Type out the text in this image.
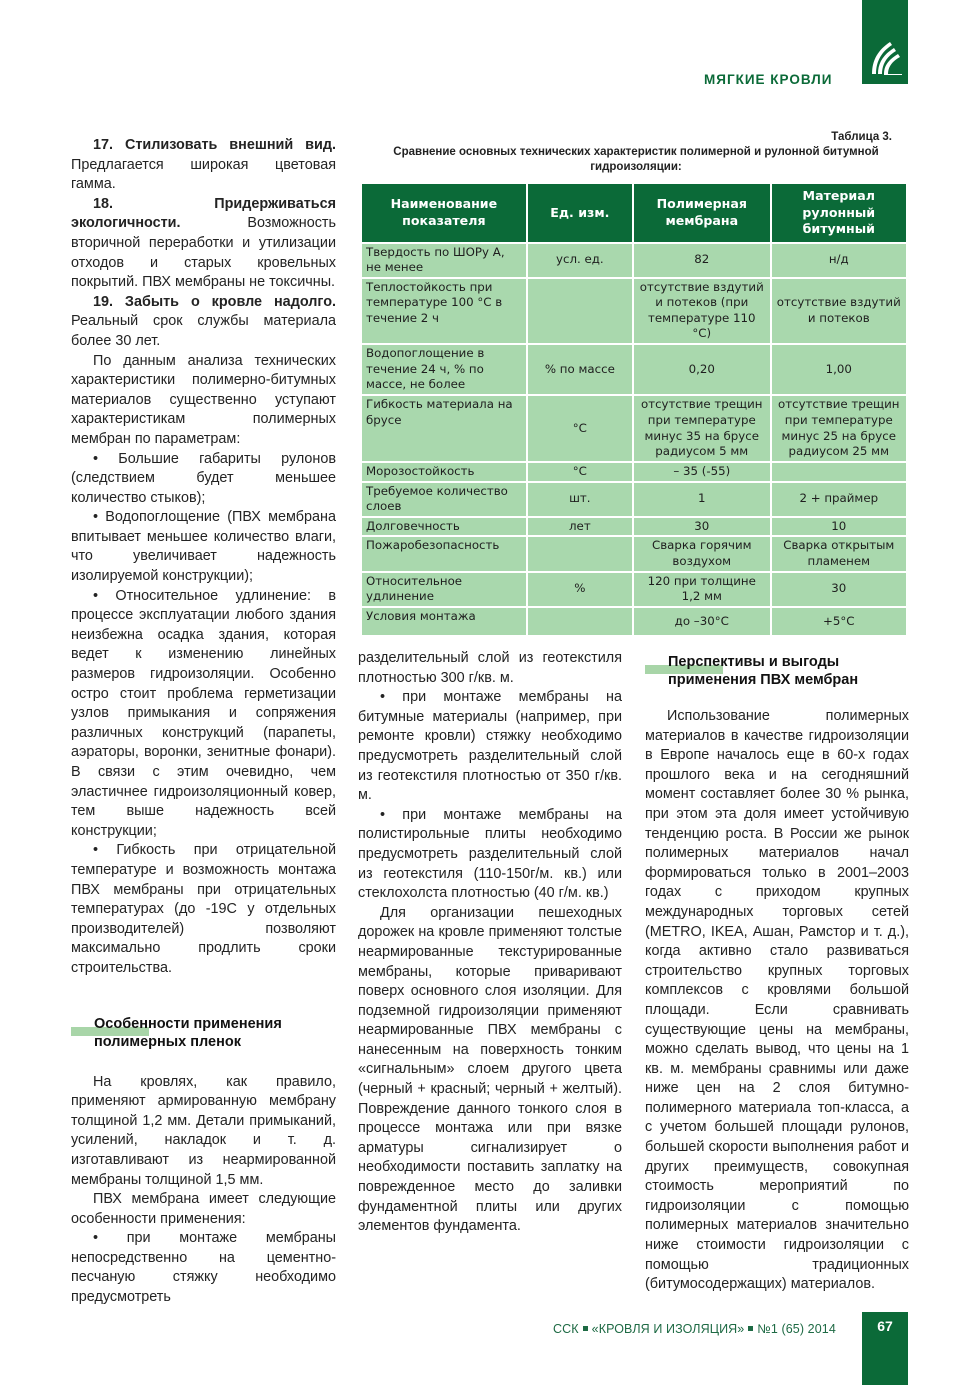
МЯГКИЕ КРОВЛИ

17. Стилизовать внешний вид. Предлагается широкая цветовая гамма.

18. Придерживаться экологичности. Возможность вторичной переработки и утилизации отходов и старых кровельных покрытий. ПВХ мембраны не токсичны.

19. Забыть о кровле надолго. Реальный срок службы материала более 30 лет.

По данным анализа технических характеристики полимерно-битумных материалов существенно уступают характеристикам полимерных мембран по параметрам:

• Большие габариты рулонов (следствием будет меньшее количество стыков);

• Водопоглощение (ПВХ мембрана впитывает меньшее количество влаги, что увеличивает надежность изолируемой конструкции);

• Относительное удлинение: в процессе эксплуатации любого здания неизбежна осадка здания, которая ведет к изменению линейных размеров гидроизоляции. Особенно остро стоит проблема герметизации узлов примыкания и сопряжения различных конструкций (парапеты, аэраторы, воронки, зенитные фонари). В связи с этим очевидно, чем эластичнее гидроизоляционный ковер, тем выше надежность всей конструкции;

• Гибкость при отрицательной температуре и возможность монтажа ПВХ мембраны при отрицательных температурах (до -19С у отдельных производителей) позволяют максимально продлить сроки строительства.

Особенности применения полимерных пленок

На кровлях, как правило, применяют армированную мембрану толщиной 1,2 мм. Детали примыканий, усилений, накладок и т. д. изготавливают из неармированной мембраны толщиной 1,5 мм.

ПВХ мембрана имеет следующие особенности применения:

• при монтаже мембраны непосредственно на цементно-песчаную стяжку необходимо предусмотреть

Таблица 3.
Сравнение основных технических характеристик полимерной и рулонной битумной гидроизоляции:
Наименование показателя	Ед. изм.	Полимерная мембрана	Материал рулонный битумный
Твердость по ШОРу А, не менее	усл. ед.	82	н/д
Теплостойкость при температуре 100 °С в течение 2 ч		отсутствие вздутий и потеков (при температуре 110 °С)	отсутствие вздутий и потеков
Водопоглощение в течение 24 ч, % по массе, не более	% по массе	0,20	1,00
Гибкость материала на брусе	°С	отсутствие трещин при температуре минус 35 на брусе радиусом 5 мм	отсутствие трещин при температуре минус 25 на брусе радиусом 25 мм
Морозостойкость	°С	– 35 (-55)	
Требуемое количество слоев	шт.	1	2 + праймер
Долговечность	лет	30	10
Пожаробезопасность		Сварка горячим воздухом	Сварка открытым пламенем
Относительное удлинение	%	120 при толщине 1,2 мм	30
Условия монтажа		до –30°С	+5°С

разделительный слой из геотекстиля плотностью 300 г/кв. м.

• при монтаже мембраны на битумные материалы (например, при ремонте кровли) стяжку необходимо предусмотреть разделительный слой из геотекстиля плотностью от 350 г/кв. м.

• при монтаже мембраны на полистирольные плиты необходимо предусмотреть разделительный слой из геотекстиля (110-150г/м. кв.) или стеклохолста плотностью (40 г/м. кв.)

Для организации пешеходных дорожек на кровле применяют толстые неармированные текстурированные мембраны, которые приваривают поверх основного слоя изоляции. Для подземной гидроизоляции применяют неармированные ПВХ мембраны с нанесенным на поверхность тонким «сигнальным» слоем другого цвета (черный + красный; черный + желтый). Повреждение данного тонкого слоя в процессе монтажа или при вязке арматуры сигнализирует о необходимости поставить заплатку на поврежденное место до заливки фундаментной плиты или других элементов фундамента.

Перспективы и выгоды применения ПВХ мембран

Использование полимерных материалов в качестве гидроизоляции в Европе началось еще в 60-х годах прошлого века и на сегодняшний момент составляет более 30 % рынка, при этом эта доля имеет устойчивую тенденцию роста. В России же рынок полимерных материалов начал формироваться только в 2001–2003 годах с приходом крупных международных торговых сетей (METRO, IKEA, Ашан, Рамстор и т. д.), когда активно стало развиваться строительство крупных торговых комплексов с кровлями большой площади. Если сравнивать существующие цены на мембраны, можно сделать вывод, что цены на 1 кв. м. мембраны сравнимы или даже ниже цен на 2 слоя битумно-полимерного материала топ-класса, а с учетом большей площади рулонов, большей скорости выполнения работ и других преимуществ, совокупная стоимость мероприятий по гидроизоляции с помощью полимерных материалов значительно ниже стоимости гидроизоляции с помощью традиционных (битумосодержащих) материалов.

ССК «КРОВЛЯ И ИЗОЛЯЦИЯ» №1 (65) 2014	67
